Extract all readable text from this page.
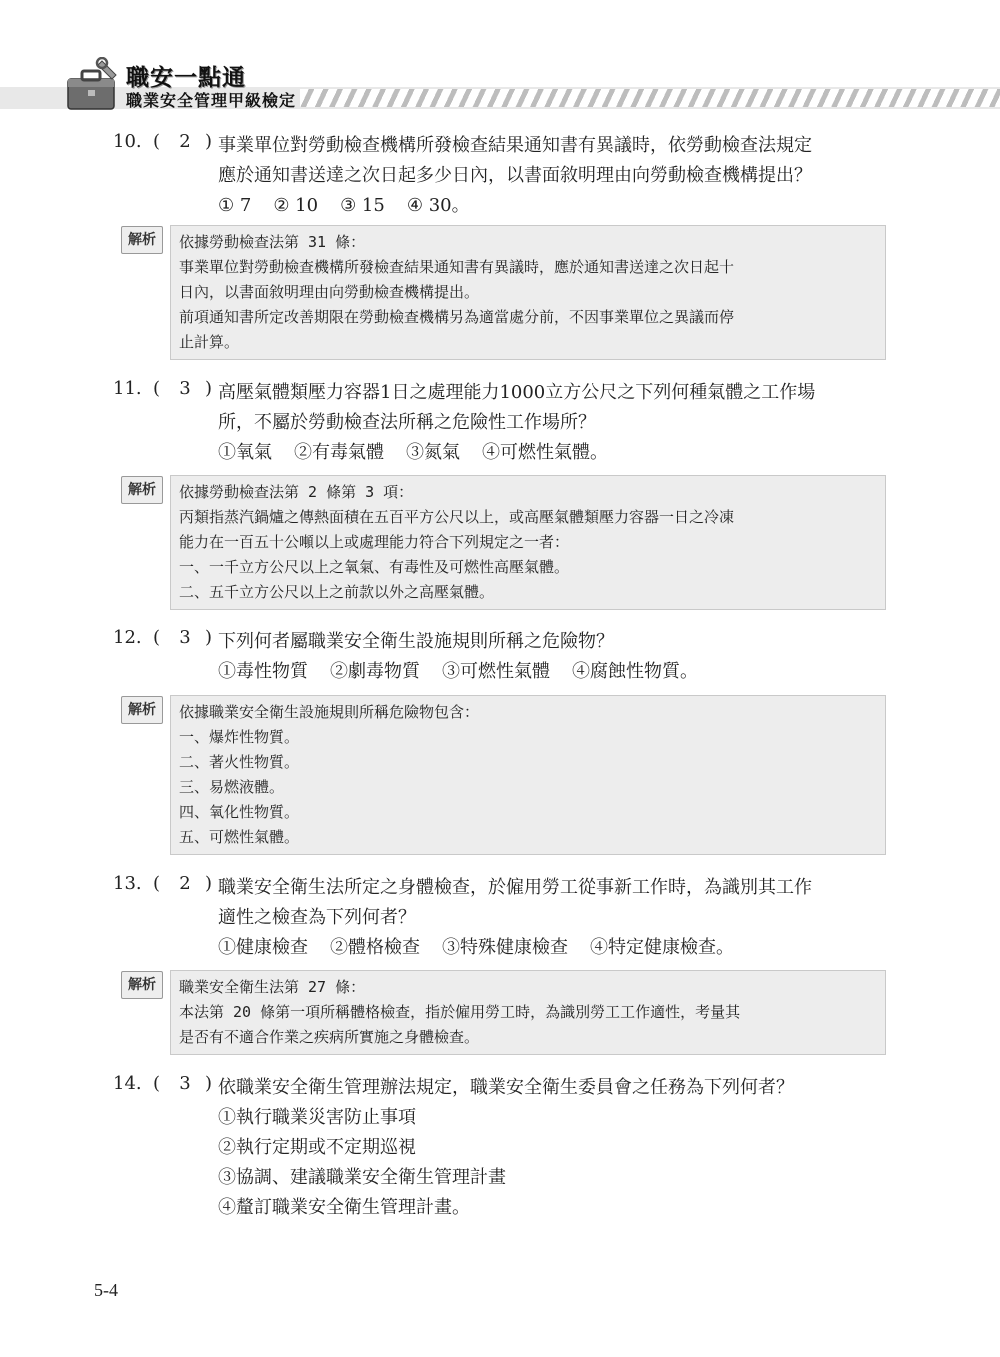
職安一點通
職業安全管理甲級檢定
10. ( 2 ) 事業單位對勞動檢查機構所發檢查結果通知書有異議時，依勞動檢查法規定
應於通知書送達之次日起多少日內，以書面敘明理由向勞動檢查機構提出？
① 7 ② 10 ③ 15 ④ 30。
解析	依據勞動檢查法第 31 條：
事業單位對勞動檢查機構所發檢查結果通知書有異議時，應於通知書送達之次日起十
日內，以書面敘明理由向勞動檢查機構提出。
前項通知書所定改善期限在勞動檢查機構另為適當處分前，不因事業單位之異議而停
止計算。
11. ( 3 ) 高壓氣體類壓力容器1日之處理能力1000立方公尺之下列何種氣體之工作場
所，不屬於勞動檢查法所稱之危險性工作場所？
①氧氣 ②有毒氣體 ③氮氣 ④可燃性氣體。
解析	依據勞動檢查法第 2 條第 3 項：
丙類指蒸汽鍋爐之傳熱面積在五百平方公尺以上，或高壓氣體類壓力容器一日之冷凍
能力在一百五十公噸以上或處理能力符合下列規定之一者：
一、一千立方公尺以上之氧氣、有毒性及可燃性高壓氣體。
二、五千立方公尺以上之前款以外之高壓氣體。
12. ( 3 ) 下列何者屬職業安全衛生設施規則所稱之危險物？
①毒性物質 ②劇毒物質 ③可燃性氣體 ④腐蝕性物質。
解析	依據職業安全衛生設施規則所稱危險物包含：
一、爆炸性物質。
二、著火性物質。
三、易燃液體。
四、氧化性物質。
五、可燃性氣體。
13. ( 2 ) 職業安全衛生法所定之身體檢查，於僱用勞工從事新工作時，為識別其工作
適性之檢查為下列何者？
①健康檢查 ②體格檢查 ③特殊健康檢查 ④特定健康檢查。
解析	職業安全衛生法第 27 條：
本法第 20 條第一項所稱體格檢查，指於僱用勞工時，為識別勞工工作適性，考量其
是否有不適合作業之疾病所實施之身體檢查。
14. ( 3 ) 依職業安全衛生管理辦法規定，職業安全衛生委員會之任務為下列何者？
①執行職業災害防止事項
②執行定期或不定期巡視
③協調、建議職業安全衛生管理計畫
④釐訂職業安全衛生管理計畫。
5-4
